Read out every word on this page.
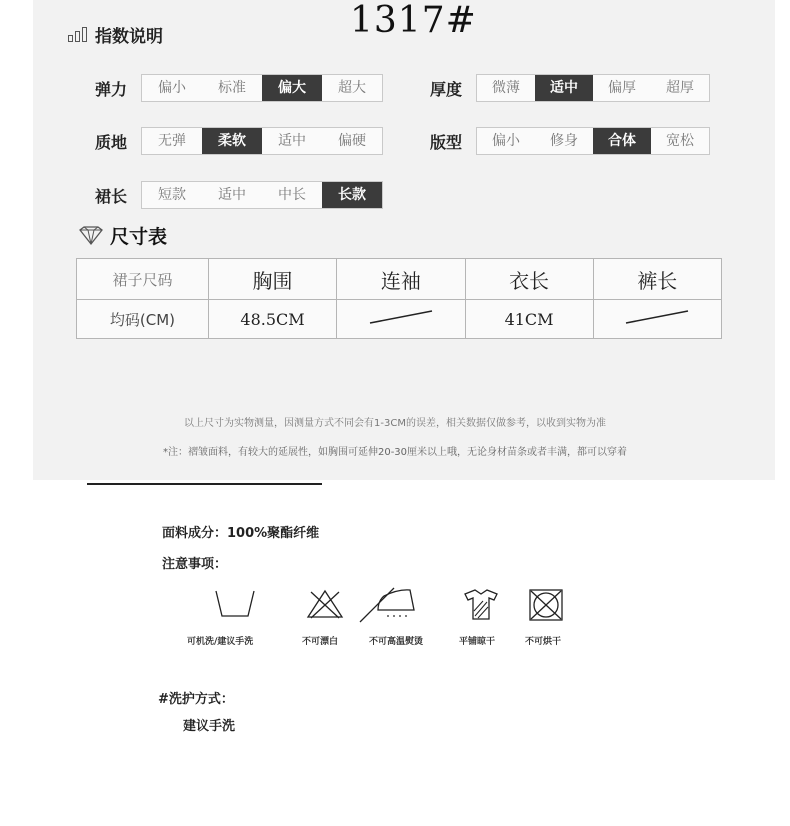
1317#
指数说明
弹力	偏小	标准	偏大	超大	厚度	微薄	适中	偏厚	超厚
质地	无弹	柔软	适中	偏硬	版型	偏小	修身	合体	宽松
裙长	短款	适中	中长	长款
尺寸表
裙子尺码	胸围	连袖	衣长	裤长
均码(CM)	48.5CM		41CM	
以上尺寸为实物测量，因测量方式不同会有1-3CM的误差，相关数据仅做参考，以收到实物为准
*注：褶皱面料，有较大的延展性，如胸围可延伸20-30厘米以上哦，无论身材苗条或者丰满，都可以穿着
面料成分：100%聚酯纤维
注意事项：
可机洗/建议手洗	不可漂白	不可高温熨烫	平铺晾干	不可烘干
#洗护方式：
建议手洗
